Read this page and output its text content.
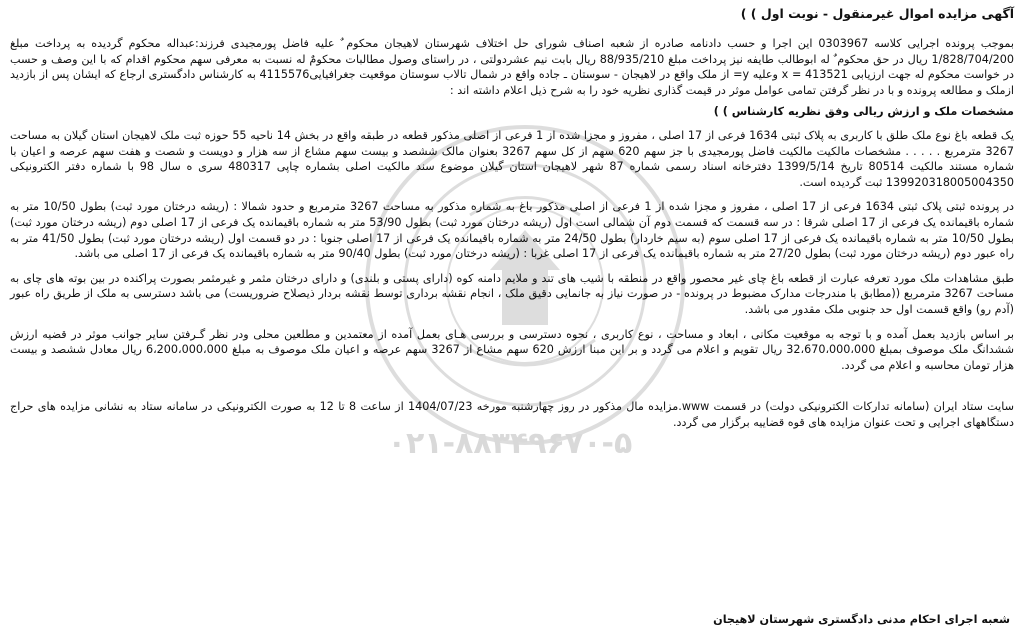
۰۲۱-۸۸۳۴۹۶۷۰-۵
آگهی مزایده اموال غیرمنقول - نوبت اول ) )

بموجب پرونده اجرایی کلاسه 0303967 این اجرا و حسب دادنامه صادره از شعبه اصناف شورای حل اختلاف شهرستان لاهیجان محکوم ٌ علیه فاضل پورمجیدی فرزند:عبداله محکوم گردیده به پرداخت مبلغ 1/828/704/200 ریال در حق محکوم ٌ له ابوطالب طایفه نیز پرداخت مبلغ 88/935/210 ریال بابت نیم عشردولتی ، در راستای وصول مطالبات محکومٌ له نسبت به معرفی سهم محکوم اقدام که با این وصف و حسب در خواست محکوم له جهت ارزیابی x = 413521 وعلیه y= از ملک واقع در لاهیجان - سوستان ـ جاده واقع در شمال تالاب سوستان موقعیت جغرافیایی4115576 به کارشناس دادگستری ارجاع که ایشان پس از بازدید ازملک و مطالعه پرونده و با در نظر گرفتن تمامی عوامل موثر در قیمت گذاری نظریه خود را به شرح ذیل اعلام داشته اند :

مشخصات ملک و ارزش ریالی وفق نظریه کارشناس ) )

یک قطعه باغ نوع ملک طلق با کاربری به پلاک ثبتی 1634 فرعی از 17 اصلی ، مفروز و مجزا شده از 1 فرعی از اصلی مذکور قطعه در طبقه واقع در بخش 14 ناحیه 55 حوزه ثبت ملک لاهیجان استان گیلان به مساحت 3267 مترمربع . . . . . مشخصات مالکیت مالکیت فاضل پورمجیدی با جز سهم 620 سهم از کل سهم 3267 بعنوان مالک ششصد و بیست سهم مشاع از سه هزار و دویست و شصت و هفت سهم عرصه و اعیان با شماره مستند مالکیت 80514 تاریخ 1399/5/14 دفترخانه اسناد رسمی شماره 87 شهر لاهیجان استان گیلان موضوع سند مالکیت اصلی بشماره چاپی 480317 سری ه سال 98 با شماره دفتر الکترونیکی 139920318005004350 ثبت گردیده است.

در پرونده ثبتی پلاک ثبتی 1634 فرعی از 17 اصلی ، مفروز و مجزا شده از 1 فرعی از اصلی مذکور باغ به شماره مذکور به مساحت 3267 مترمربع و حدود شمالا : (ریشه درختان مورد ثبت) بطول 10/50 متر به شماره باقیمانده یک فرعی از 17 اصلی شرقا : در سه قسمت که قسمت دوم آن شمالی است اول (ریشه درختان مورد ثبت) بطول 53/90 متر به شماره باقیمانده یک فرعی از 17 اصلی دوم (ریشه درختان مورد ثبت) بطول 10/50 متر به شماره باقیمانده یک فرعی از 17 اصلی سوم (به سیم خاردار) بطول 24/50 متر به شماره باقیمانده یک فرعی از 17 اصلی جنوبا : در دو قسمت اول (ریشه درختان مورد ثبت) بطول 41/50 متر به راه عبور دوم (ریشه درختان مورد ثبت) بطول 27/20 متر به شماره باقیمانده یک فرعی از 17 اصلی غربا : (ریشه درختان مورد ثبت) بطول 90/40 متر به شماره باقیمانده یک فرعی از 17 اصلی می باشد.

طبق مشاهدات ملک مورد تعرفه عبارت از قطعه باغ چای غیر محصور واقع در منطقه با شیب های تند و ملایم دامنه کوه (دارای پستی و بلندی) و دارای درختان مثمر و غیرمثمر بصورت پراکنده در بین بوته های چای به مساحت 3267 مترمربع ((مطابق با مندرجات مدارک مضبوط در پرونده - در صورت نیاز به جانمایی دقیق ملک ، انجام نقشه برداری توسط نقشه بردار ذیصلاح ضروریست) می باشد دسترسی به ملک از طریق راه عبور (آدم رو) واقع قسمت اول حد جنوبی ملک مقدور می باشد.

بر اساس بازدید بعمل آمده و با توجه به موقعیت مکانی ، ابعاد و مساحت ، نوع کاربری ، نحوه دسترسی و بررسی هـای بعمل آمده از معتمدین و مطلعین محلی ودر نظر گـرفتن سایر جوانب موثر در قضیه ارزش ششدانگ ملک موصوف بمبلغ 32،670،000،000 ریال تقویم و اعلام می گردد و بر این مبنا ارزش 620 سهم مشاع از 3267 سهم عرصه و اعیان ملک موصوف به مبلغ 6،200،000،000 ریال معادل ششصد و بیست هزار تومان محاسبه و اعلام می گردد.

سایت ستاد ایران (سامانه تدارکات الکترونیکی دولت) در قسمت www.مزایده مال مذکور در روز چهارشنبه مورخه 1404/07/23 از ساعت 8 تا 12 به صورت الکترونیکی در سامانه ستاد به نشانی مزایده های حراج دستگاههای اجرایی و تحت عنوان مزایده های قوه قضاییه برگزار می گردد.

شعبه اجرای احکام مدنی دادگستری شهرستان لاهیجان
